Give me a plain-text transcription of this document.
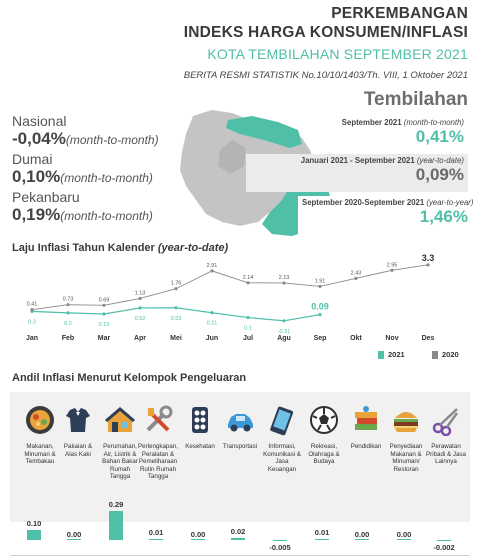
PERKEMBANGAN
INDEKS HARGA KONSUMEN/INFLASI
KOTA TEMBILAHAN SEPTEMBER 2021
BERITA RESMI STATISTIK No.10/10/1403/Th. VIII, 1 Oktober 2021
Tembilahan
Nasional
-0,04%(month-to-month)
Dumai
0,10%(month-to-month)
Pekanbaru
0,19%(month-to-month)
September 2021 (month-to-month)
0,41%
Januari 2021 - September 2021 (year-to-date)
0,09%
September 2020-September 2021 (year-to-year)
1,46%
Laju Inflasi Tahun Kalender (year-to-date)
Jan	Feb	Mar	Apr	Mei	Jun	Jul	Agu	Sep	Okt	Nov	Des
0.3	0.2	0.13
0.52	0.53
0.21
0.1
-0.31
0.09
0.41
0.73	0.69
1.13
1.76
2.91
2.14	2.13
1.91
2.43
2.95
3.3
2021	2020
Andil Inflasi Menurut Kelompok Pengeluaran
Makanan, Minuman & Tembakau
Pakaian & Alas Kaki
Perumahan, Air, Listrik & Bahan Bakar Rumah Tangga
Perlengkapan, Peralatan & Pemeliharaan Rutin Rumah Tangga
Kesehatan	Transportasi	Informasi, Komunikasi & Jasa Keuangan
Rekreasi, Olahraga & Budaya
Pendidikan	Penyediaan Makanan & Minuman/ Restoran
Perawatan Pribadi & Jasa Lainnya
0.10
0.00
0.29
0.01	0.00	0.02
-0.005
0.01	0.00	0.00
-0.002
